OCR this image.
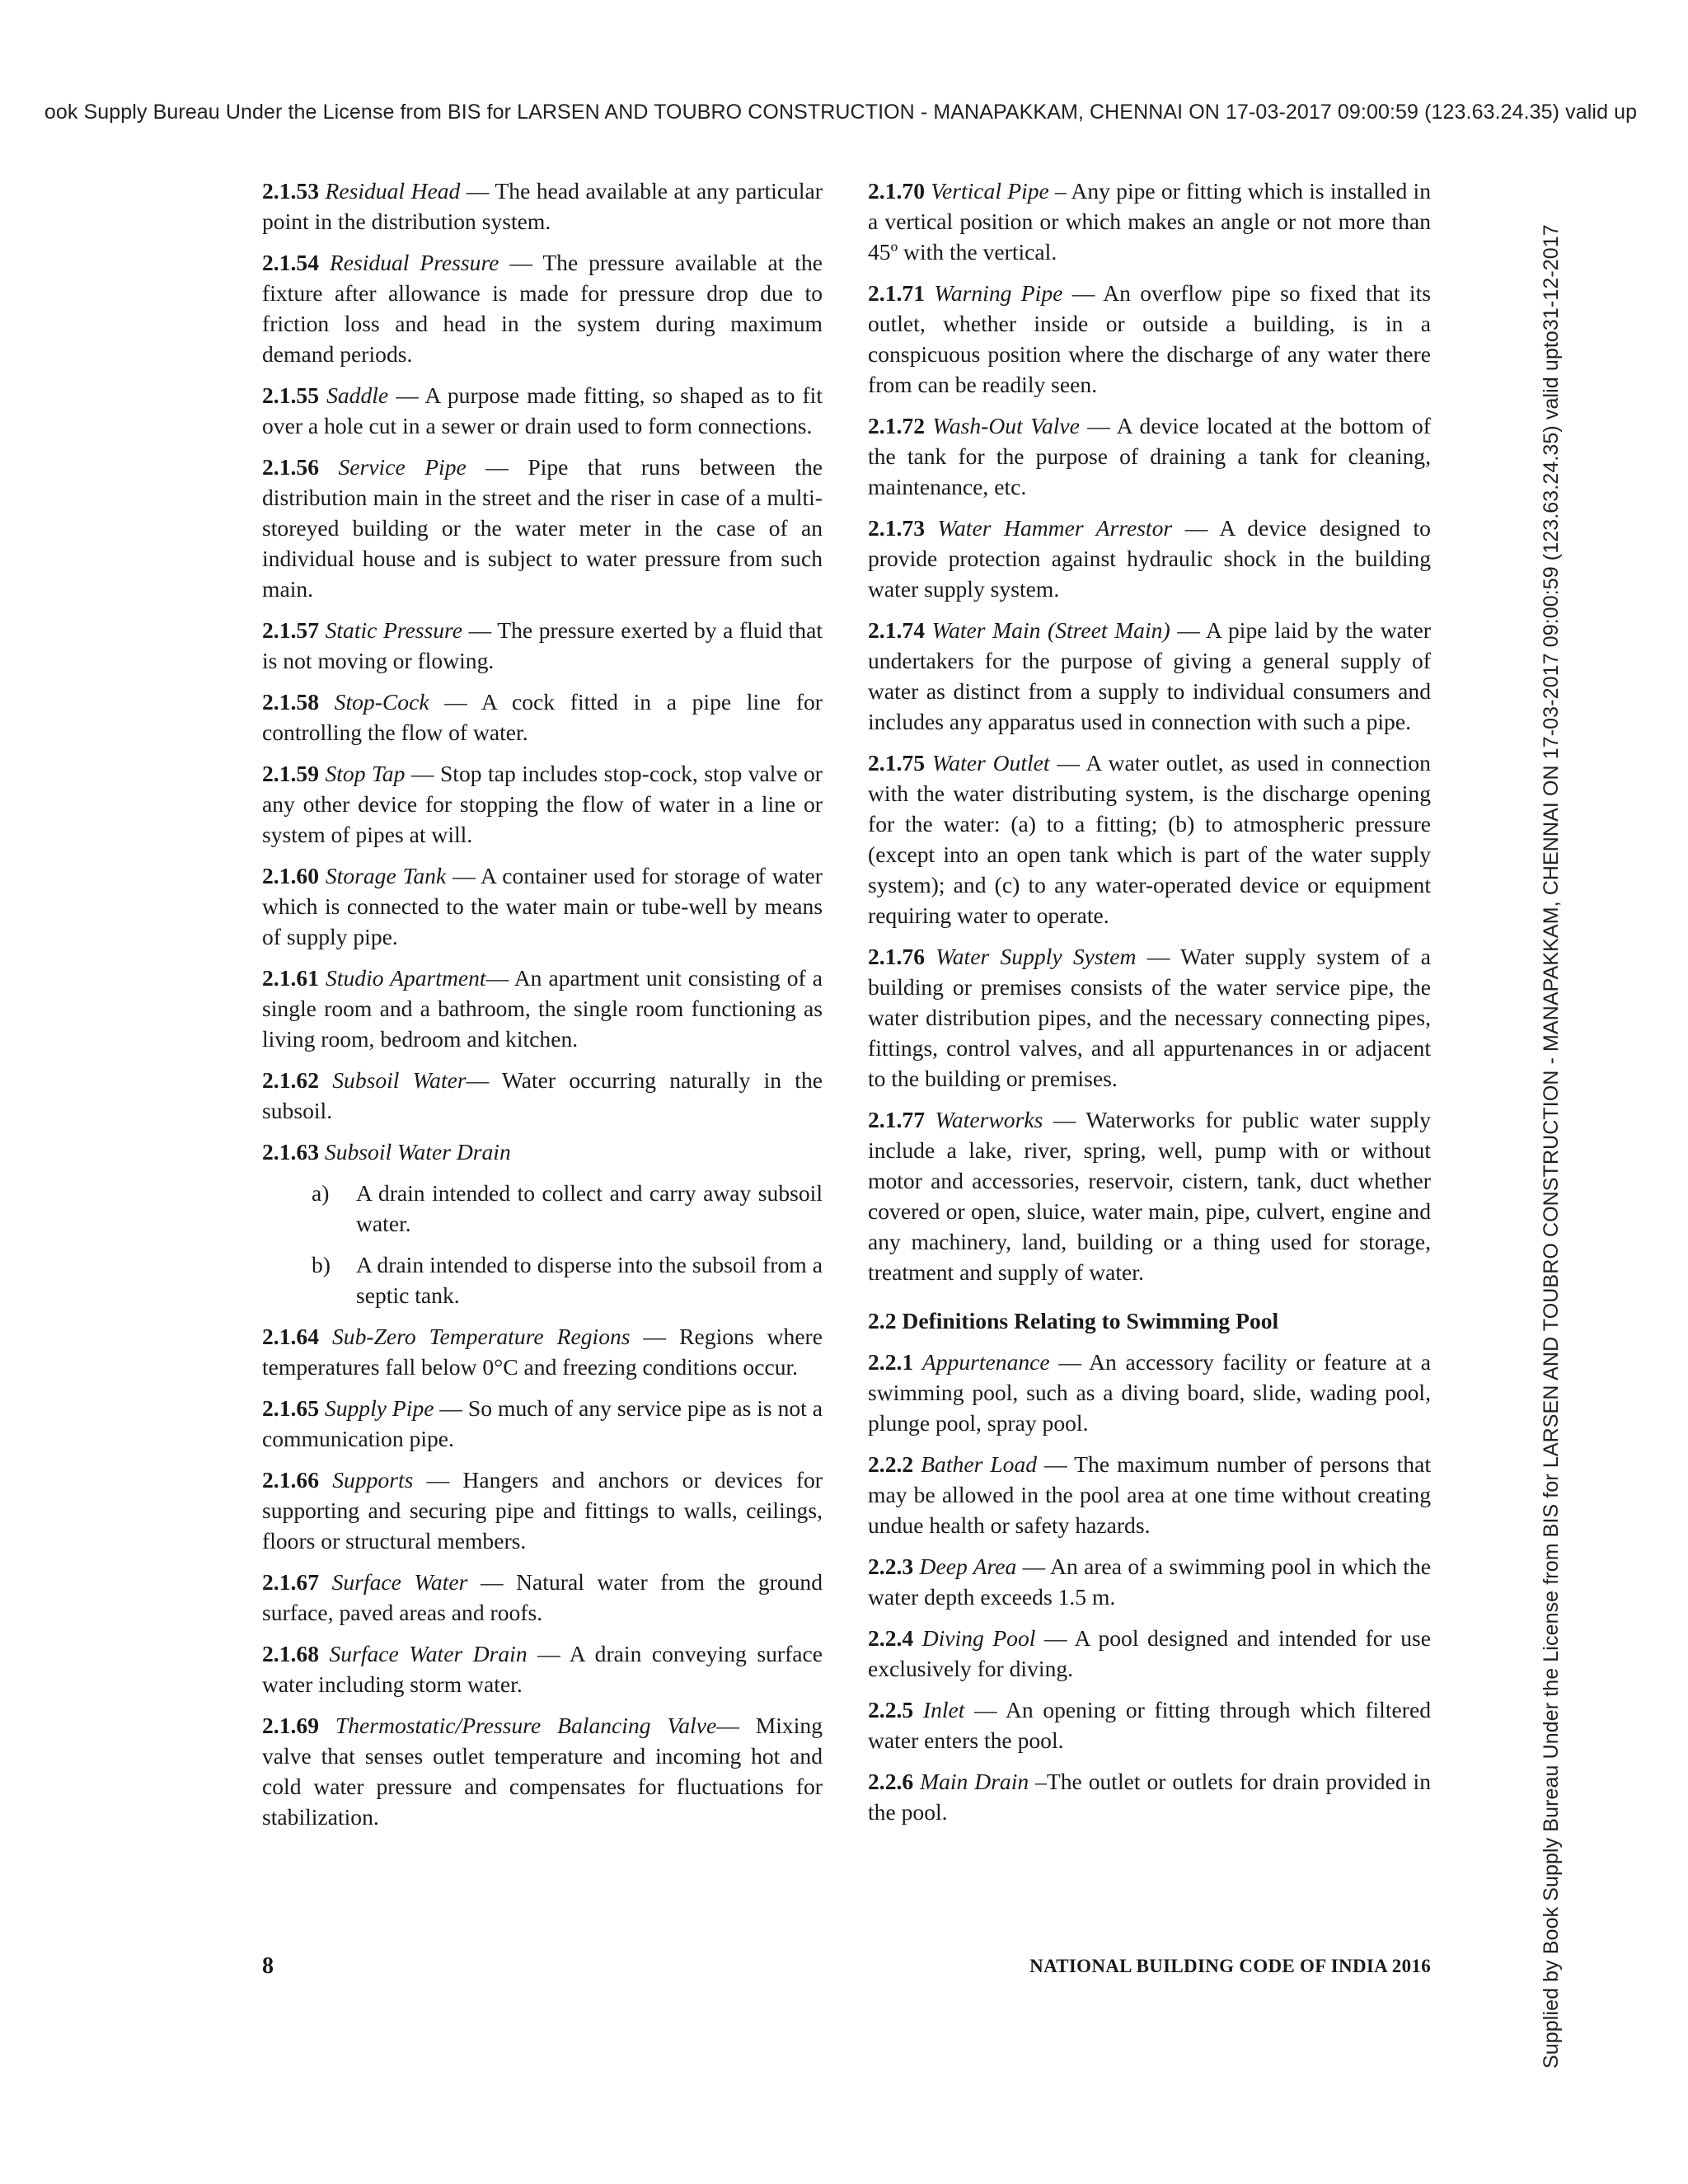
ook Supply Bureau Under the License from BIS for LARSEN AND TOUBRO CONSTRUCTION - MANAPAKKAM, CHENNAI ON 17-03-2017 09:00:59 (123.63.24.35) valid up
Supplied by Book Supply Bureau Under the License from BIS for LARSEN AND TOUBRO CONSTRUCTION - MANAPAKKAM, CHENNAI ON 17-03-2017 09:00:59 (123.63.24.35) valid upto31-12-2017
2.1.53 Residual Head — The head available at any particular point in the distribution system.
2.1.54 Residual Pressure — The pressure available at the fixture after allowance is made for pressure drop due to friction loss and head in the system during maximum demand periods.
2.1.55 Saddle — A purpose made fitting, so shaped as to fit over a hole cut in a sewer or drain used to form connections.
2.1.56 Service Pipe — Pipe that runs between the distribution main in the street and the riser in case of a multi-storeyed building or the water meter in the case of an individual house and is subject to water pressure from such main.
2.1.57 Static Pressure — The pressure exerted by a fluid that is not moving or flowing.
2.1.58 Stop-Cock — A cock fitted in a pipe line for controlling the flow of water.
2.1.59 Stop Tap — Stop tap includes stop-cock, stop valve or any other device for stopping the flow of water in a line or system of pipes at will.
2.1.60 Storage Tank — A container used for storage of water which is connected to the water main or tube-well by means of supply pipe.
2.1.61 Studio Apartment— An apartment unit consisting of a single room and a bathroom, the single room functioning as living room, bedroom and kitchen.
2.1.62 Subsoil Water— Water occurring naturally in the subsoil.
2.1.63 Subsoil Water Drain
a) A drain intended to collect and carry away subsoil water.
b) A drain intended to disperse into the subsoil from a septic tank.
2.1.64 Sub-Zero Temperature Regions — Regions where temperatures fall below 0°C and freezing conditions occur.
2.1.65 Supply Pipe — So much of any service pipe as is not a communication pipe.
2.1.66 Supports — Hangers and anchors or devices for supporting and securing pipe and fittings to walls, ceilings, floors or structural members.
2.1.67 Surface Water — Natural water from the ground surface, paved areas and roofs.
2.1.68 Surface Water Drain — A drain conveying surface water including storm water.
2.1.69 Thermostatic/Pressure Balancing Valve— Mixing valve that senses outlet temperature and incoming hot and cold water pressure and compensates for fluctuations for stabilization.
2.1.70 Vertical Pipe – Any pipe or fitting which is installed in a vertical position or which makes an angle or not more than 45º with the vertical.
2.1.71 Warning Pipe — An overflow pipe so fixed that its outlet, whether inside or outside a building, is in a conspicuous position where the discharge of any water there from can be readily seen.
2.1.72 Wash-Out Valve — A device located at the bottom of the tank for the purpose of draining a tank for cleaning, maintenance, etc.
2.1.73 Water Hammer Arrestor — A device designed to provide protection against hydraulic shock in the building water supply system.
2.1.74 Water Main (Street Main) — A pipe laid by the water undertakers for the purpose of giving a general supply of water as distinct from a supply to individual consumers and includes any apparatus used in connection with such a pipe.
2.1.75 Water Outlet — A water outlet, as used in connection with the water distributing system, is the discharge opening for the water: (a) to a fitting; (b) to atmospheric pressure (except into an open tank which is part of the water supply system); and (c) to any water-operated device or equipment requiring water to operate.
2.1.76 Water Supply System — Water supply system of a building or premises consists of the water service pipe, the water distribution pipes, and the necessary connecting pipes, fittings, control valves, and all appurtenances in or adjacent to the building or premises.
2.1.77 Waterworks — Waterworks for public water supply include a lake, river, spring, well, pump with or without motor and accessories, reservoir, cistern, tank, duct whether covered or open, sluice, water main, pipe, culvert, engine and any machinery, land, building or a thing used for storage, treatment and supply of water.
2.2 Definitions Relating to Swimming Pool
2.2.1 Appurtenance — An accessory facility or feature at a swimming pool, such as a diving board, slide, wading pool, plunge pool, spray pool.
2.2.2 Bather Load — The maximum number of persons that may be allowed in the pool area at one time without creating undue health or safety hazards.
2.2.3 Deep Area — An area of a swimming pool in which the water depth exceeds 1.5 m.
2.2.4 Diving Pool — A pool designed and intended for use exclusively for diving.
2.2.5 Inlet — An opening or fitting through which filtered water enters the pool.
2.2.6 Main Drain –The outlet or outlets for drain provided in the pool.
8	NATIONAL BUILDING CODE OF INDIA 2016
